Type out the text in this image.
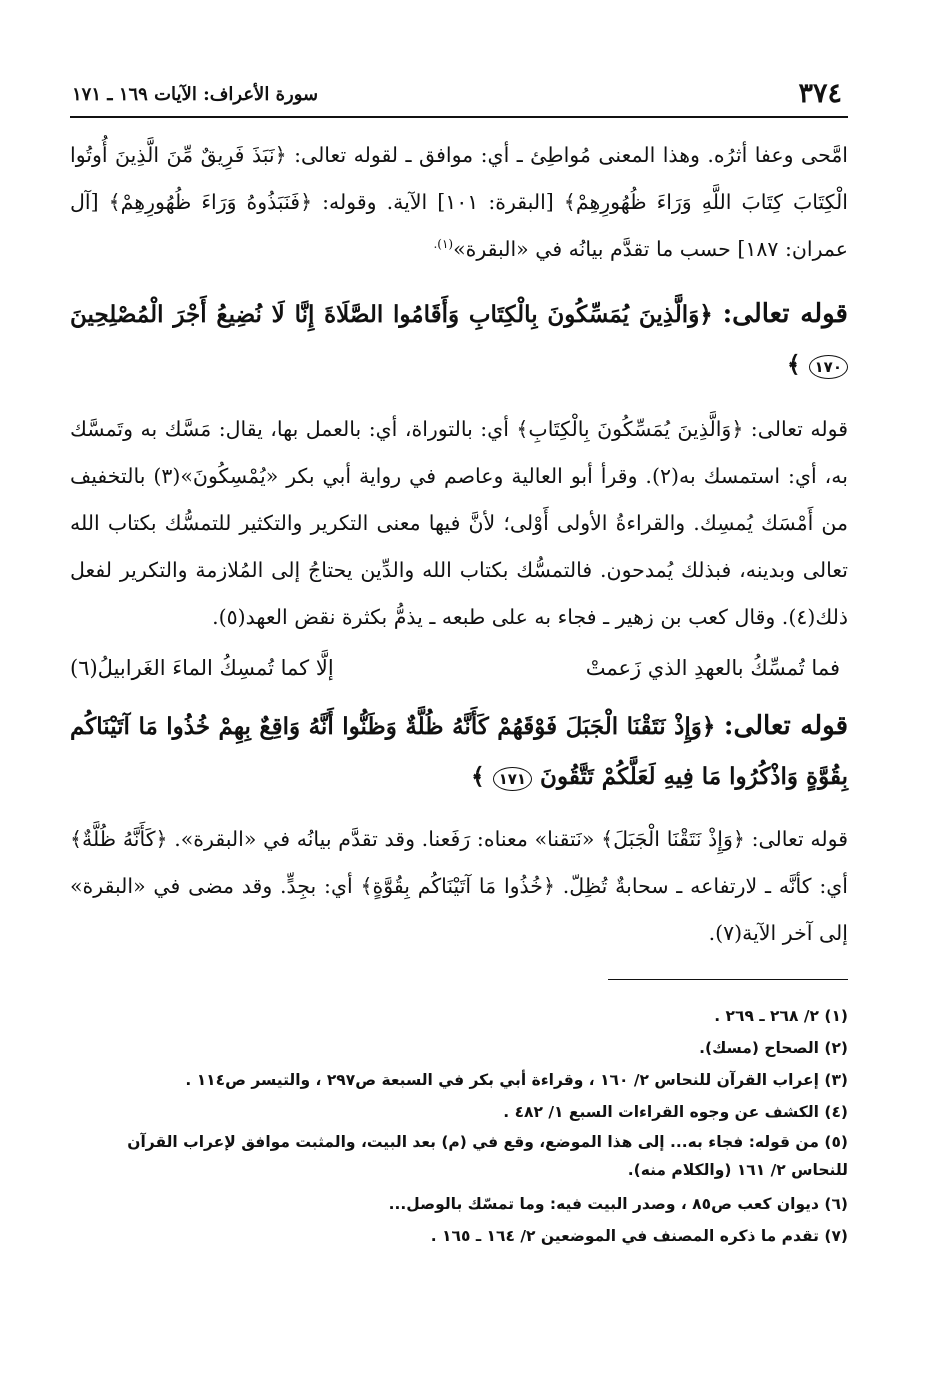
٣٧٤
سورة الأعراف: الآيات ١٦٩ ـ ١٧١

امَّحى وعفا أثرُه. وهذا المعنى مُواطِئ ـ أي: موافق ـ لقوله تعالى: ﴿نَبَذَ فَرِيقٌ مِّنَ الَّذِينَ أُوتُوا الْكِتَابَ كِتَابَ اللَّهِ وَرَاءَ ظُهُورِهِمْ﴾ [البقرة: ١٠١] الآية. وقوله: ﴿فَنَبَذُوهُ وَرَاءَ ظُهُورِهِمْ﴾ [آل عمران: ١٨٧] حسب ما تقدَّم بيانُه في «البقرة»$^{(١).}$

قوله تعالى: ﴿وَالَّذِينَ يُمَسِّكُونَ بِالْكِتَابِ وَأَقَامُوا الصَّلَاةَ إِنَّا لَا نُضِيعُ أَجْرَ الْمُصْلِحِينَ ١٧٠ ﴾

قوله تعالى: ﴿وَالَّذِينَ يُمَسِّكُونَ بِالْكِتَابِ﴾ أي: بالتوراة، أي: بالعمل بها، يقال: مَسَّك به وتَمسَّك به، أي: استمسك به(٢). وقرأ أبو العالية وعاصم في رواية أبي بكر «يُمْسِكُونَ»(٣) بالتخفيف من أَمْسَك يُمسِك. والقراءةُ الأولى أَوْلى؛ لأنَّ فيها معنى التكرير والتكثير للتمسُّك بكتاب الله تعالى وبدينه، فبذلك يُمدحون. فالتمسُّك بكتاب الله والدِّين يحتاجُ إلى المُلازمة والتكرير لفعل ذلك(٤). وقال كعب بن زهير ـ فجاء به على طبعه ـ يذمُّ بكثرة نقض العهد(٥).

فما تُمسِّكُ بالعهدِ الذي زَعمتْ
إلَّا كما تُمسِكُ الماءَ الغَرابيلُ(٦)

قوله تعالى: ﴿وَإِذْ نَتَقْنَا الْجَبَلَ فَوْقَهُمْ كَأَنَّهُ ظُلَّةٌ وَظَنُّوا أَنَّهُ وَاقِعٌ بِهِمْ خُذُوا مَا آتَيْنَاكُم بِقُوَّةٍ وَاذْكُرُوا مَا فِيهِ لَعَلَّكُمْ تَتَّقُونَ ١٧١ ﴾

قوله تعالى: ﴿وَإِذْ نَتَقْنَا الْجَبَلَ﴾ «نَتقنا» معناه: رَفَعنا. وقد تقدَّم بيانُه في «البقرة». ﴿كَأَنَّهُ ظُلَّةٌ﴾ أي: كأنَّه ـ لارتفاعه ـ سحابةٌ تُظِلّ. ﴿خُذُوا مَا آتَيْنَاكُم بِقُوَّةٍ﴾ أي: بجِدٍّ. وقد مضى في «البقرة» إلى آخر الآية(٧).

(١) ٢/ ٢٦٨ ـ ٢٦٩ .
(٢) الصحاح (مسك).
(٣) إعراب القرآن للنحاس ٢/ ١٦٠ ، وقراءة أبي بكر في السبعة ص٢٩٧ ، والتيسر ص١١٤ .
(٤) الكشف عن وجوه القراءات السبع ١/ ٤٨٢ .
(٥) من قوله: فجاء به... إلى هذا الموضع، وقع في (م) بعد البيت، والمثبت موافق لإعراب القرآن للنحاس ٢/ ١٦١ (والكلام منه).
(٦) ديوان كعب ص٨٥ ، وصدر البيت فيه: وما تمسّك بالوصل...
(٧) تقدم ما ذكره المصنف في الموضعين ٢/ ١٦٤ ـ ١٦٥ .
